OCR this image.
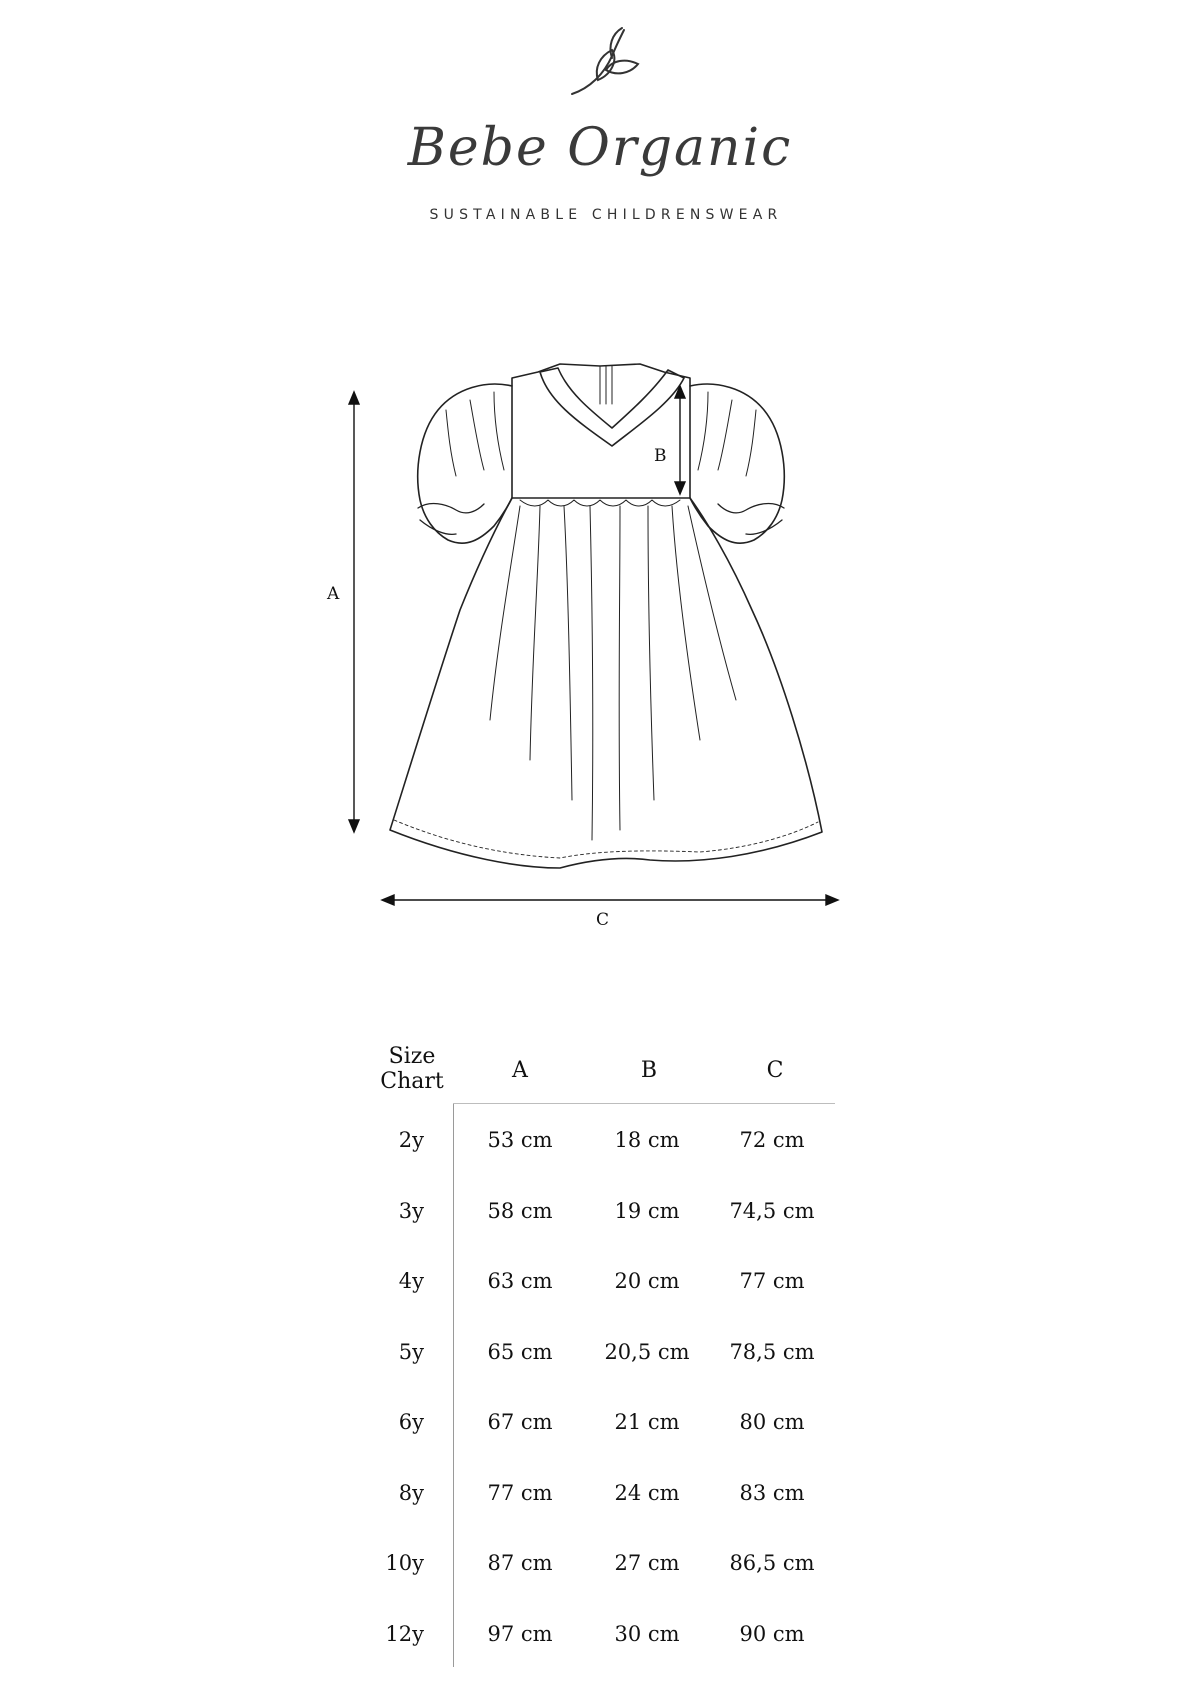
Bebe Organic
SUSTAINABLE CHILDRENSWEAR
A
B
C
Size
Chart	A	B	C
2y	53 cm	18 cm	72 cm
3y	58 cm	19 cm	74,5 cm
4y	63 cm	20 cm	77 cm
5y	65 cm	20,5 cm	78,5 cm
6y	67 cm	21 cm	80 cm
8y	77 cm	24 cm	83 cm
10y	87 cm	27 cm	86,5 cm
12y	97 cm	30 cm	90 cm
